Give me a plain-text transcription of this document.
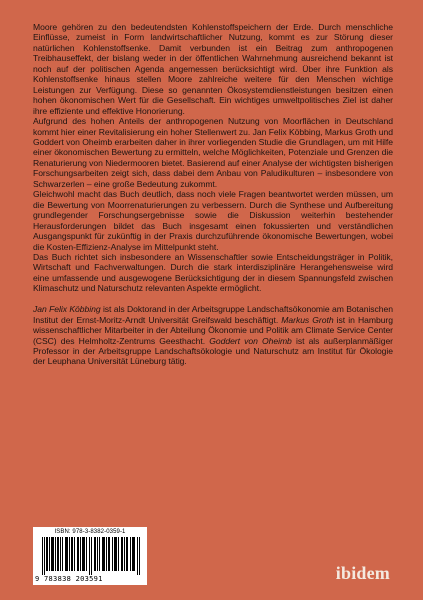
Moore gehören zu den bedeutendsten Kohlenstoffspeichern der Erde. Durch menschliche Einflüsse, zumeist in Form landwirtschaftlicher Nutzung, kommt es zur Störung dieser natürlichen Kohlenstoffsenke. Damit verbunden ist ein Beitrag zum anthropogenen Treibhauseffekt, der bislang weder in der öffentlichen Wahrnehmung ausreichend bekannt ist noch auf der politischen Agenda angemessen berücksichtigt wird. Über ihre Funktion als Kohlenstoffsenke hinaus stellen Moore zahlreiche weitere für den Menschen wichtige Leistungen zur Verfügung. Diese so genannten Ökosystemdienstleistungen besitzen einen hohen ökonomischen Wert für die Gesellschaft. Ein wichtiges umweltpolitisches Ziel ist daher ihre effiziente und effektive Honorierung.

Aufgrund des hohen Anteils der anthropogenen Nutzung von Moorflächen in Deutschland kommt hier einer Revitalisierung ein hoher Stellenwert zu. Jan Felix Köbbing, Markus Groth und Goddert von Oheimb erarbeiten daher in ihrer vorliegenden Studie die Grundlagen, um mit Hilfe einer ökonomischen Bewertung zu ermitteln, welche Möglichkeiten, Potenziale und Grenzen die Renaturierung von Niedermooren bietet. Basierend auf einer Analyse der wichtigsten bisherigen Forschungsarbeiten zeigt sich, dass dabei dem Anbau von Paludikulturen – insbesondere von Schwarzerlen – eine große Bedeutung zukommt.

Gleichwohl macht das Buch deutlich, dass noch viele Fragen beantwortet werden müssen, um die Bewertung von Moorrenaturierungen zu verbessern. Durch die Synthese und Aufbereitung grundlegender Forschungsergebnisse sowie die Diskussion weiterhin bestehender Herausforderungen bildet das Buch insgesamt einen fokussierten und verständlichen Ausgangspunkt für zukünftig in der Praxis durchzuführende ökonomische Bewertungen, wobei die Kosten-Effizienz-Analyse im Mittelpunkt steht.

Das Buch richtet sich insbesondere an Wissenschaftler sowie Entscheidungsträger in Politik, Wirtschaft und Fachverwaltungen. Durch die stark interdisziplinäre Herangehensweise wird eine umfassende und ausgewogene Berücksichtigung der in diesem Spannungsfeld zwischen Klimaschutz und Naturschutz relevanten Aspekte ermöglicht.

Jan Felix Köbbing ist als Doktorand in der Arbeitsgruppe Landschaftsökonomie am Botanischen Institut der Ernst-Moritz-Arndt Universität Greifswald beschäftigt. Markus Groth ist in Hamburg wissenschaftlicher Mitarbeiter in der Abteilung Ökonomie und Politik am Climate Service Center (CSC) des Helmholtz-Zentrums Geesthacht. Goddert von Oheimb ist als außerplanmäßiger Professor in der Arbeitsgruppe Landschaftsökologie und Naturschutz am Institut für Ökologie der Leuphana Universität Lüneburg tätig.

ISBN: 978-3-8382-0359-1
9 783838 203591	ibidem
